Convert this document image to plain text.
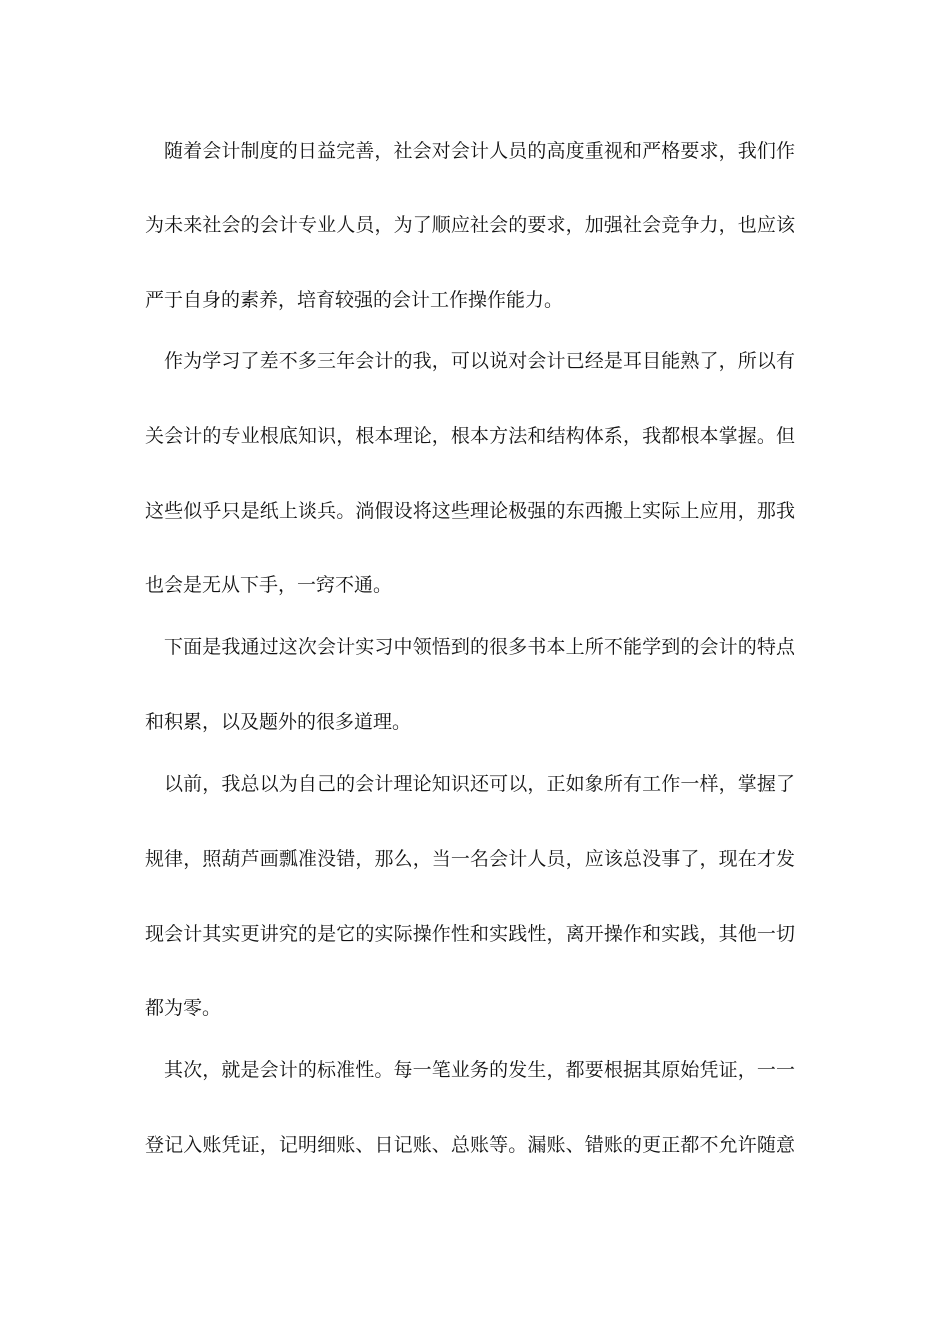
随着会计制度的日益完善，社会对会计人员的高度重视和严格要求，我们作
为未来社会的会计专业人员，为了顺应社会的要求，加强社会竞争力，也应该
严于自身的素养，培育较强的会计工作操作能力。
作为学习了差不多三年会计的我，可以说对会计已经是耳目能熟了，所以有
关会计的专业根底知识，根本理论，根本方法和结构体系，我都根本掌握。但
这些似乎只是纸上谈兵。淌假设将这些理论极强的东西搬上实际上应用，那我
也会是无从下手，一窍不通。
下面是我通过这次会计实习中领悟到的很多书本上所不能学到的会计的特点
和积累，以及题外的很多道理。
以前，我总以为自己的会计理论知识还可以，正如象所有工作一样，掌握了
规律，照葫芦画瓢准没错，那么，当一名会计人员，应该总没事了，现在才发
现会计其实更讲究的是它的实际操作性和实践性，离开操作和实践，其他一切
都为零。
其次，就是会计的标准性。每一笔业务的发生，都要根据其原始凭证，一一
登记入账凭证，记明细账、日记账、总账等。漏账、错账的更正都不允许随意
